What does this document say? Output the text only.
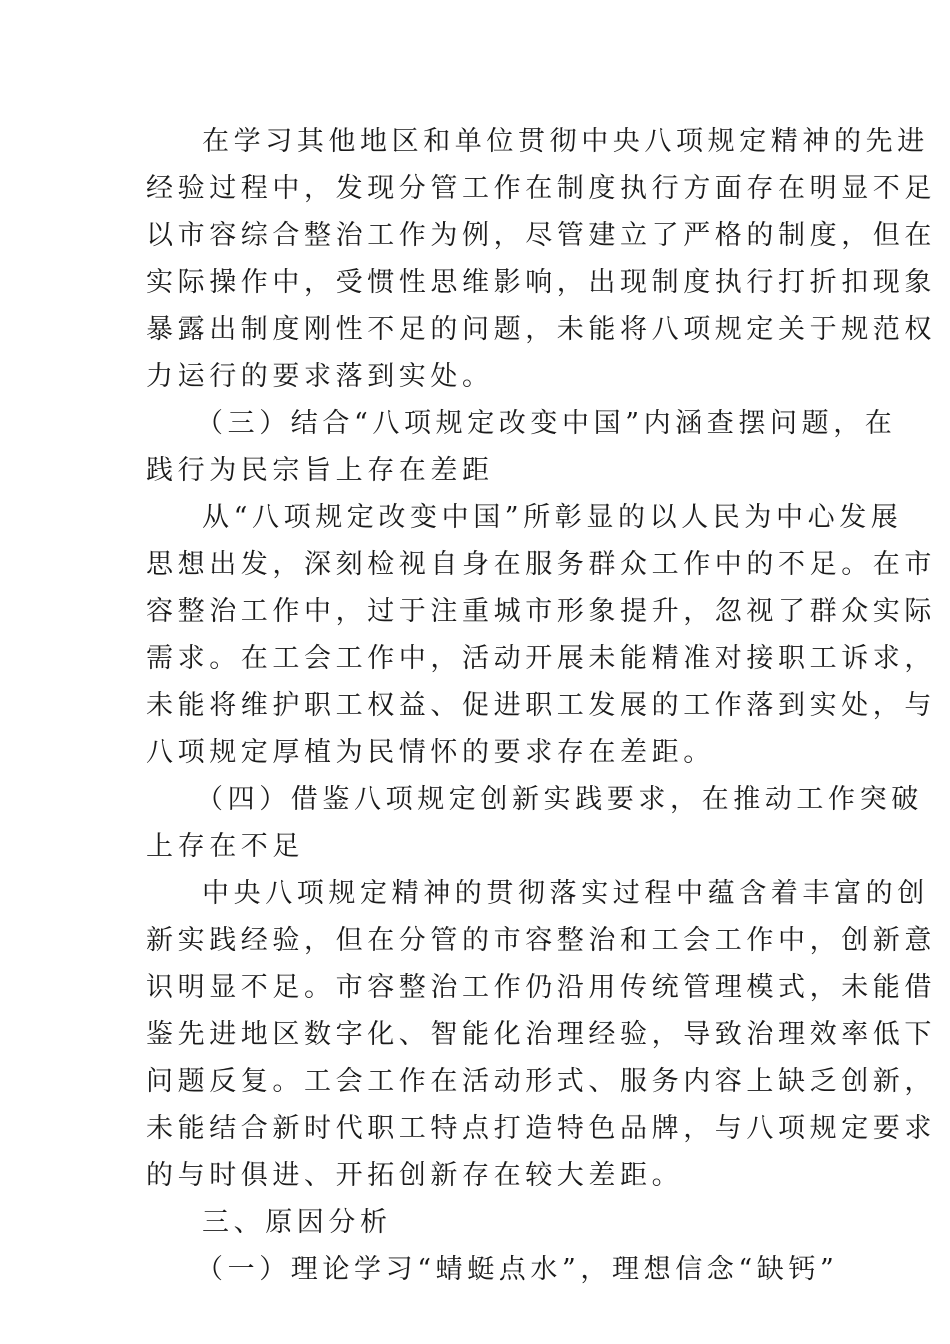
在学习其他地区和单位贯彻中央八项规定精神的先进
经验过程中，发现分管工作在制度执行方面存在明显不足
以市容综合整治工作为例，尽管建立了严格的制度，但在
实际操作中，受惯性思维影响，出现制度执行打折扣现象
暴露出制度刚性不足的问题，未能将八项规定关于规范权
力运行的要求落到实处。
（三）结合“八项规定改变中国”内涵查摆问题，在
践行为民宗旨上存在差距
从“八项规定改变中国”所彰显的以人民为中心发展
思想出发，深刻检视自身在服务群众工作中的不足。在市
容整治工作中，过于注重城市形象提升，忽视了群众实际
需求。在工会工作中，活动开展未能精准对接职工诉求，
未能将维护职工权益、促进职工发展的工作落到实处，与
八项规定厚植为民情怀的要求存在差距。
（四）借鉴八项规定创新实践要求，在推动工作突破
上存在不足
中央八项规定精神的贯彻落实过程中蕴含着丰富的创
新实践经验，但在分管的市容整治和工会工作中，创新意
识明显不足。市容整治工作仍沿用传统管理模式，未能借
鉴先进地区数字化、智能化治理经验，导致治理效率低下
问题反复。工会工作在活动形式、服务内容上缺乏创新，
未能结合新时代职工特点打造特色品牌，与八项规定要求
的与时俱进、开拓创新存在较大差距。
三、原因分析
（一）理论学习“蜻蜓点水”，理想信念“缺钙”
